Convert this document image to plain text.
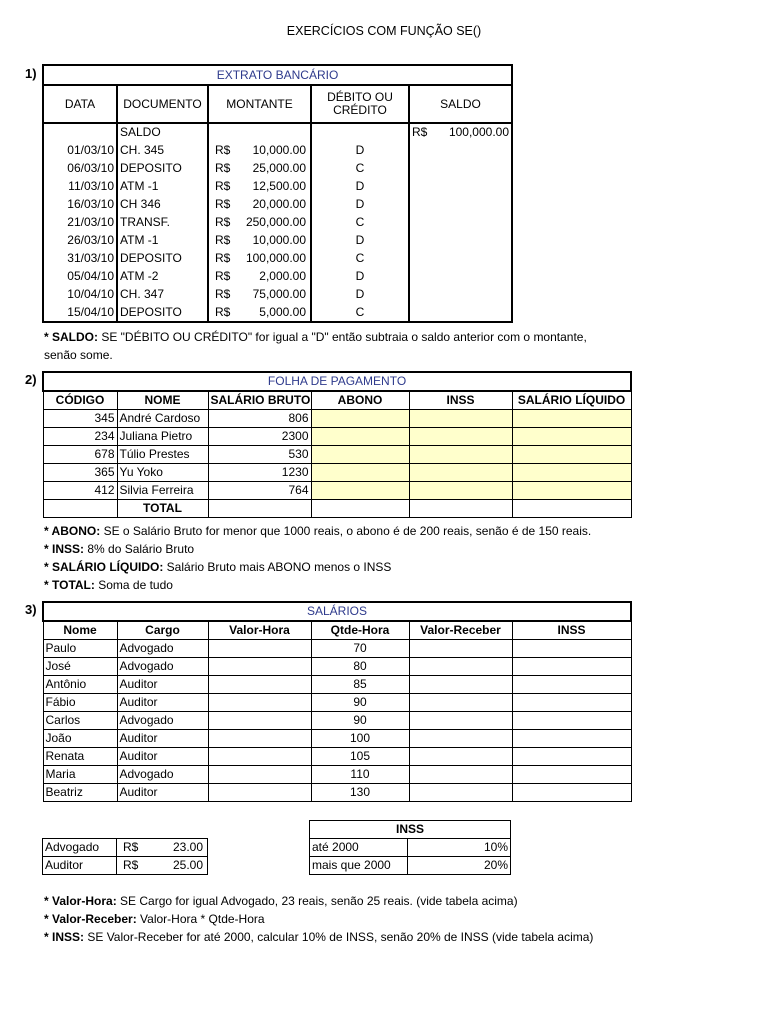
EXERCÍCIOS COM FUNÇÃO SE()
1)	EXTRATO BANCÁRIO				
DATA	DOCUMENTO	MONTANTE	DÉBITO OU CRÉDITO	SALDO
	SALDO			R$ 100,000.00

01/03/10	CH. 345	R$ 10,000.00	D	
06/03/10	DEPOSITO	R$ 25,000.00	C	
11/03/10	ATM -1	R$ 12,500.00	D	
16/03/10	CH 346	R$ 20,000.00	D	
21/03/10	TRANSF.	R$ 250,000.00	C	
26/03/10	ATM -1	R$ 10,000.00	D	
31/03/10	DEPOSITO	R$ 100,000.00	C	
05/04/10	ATM -2	R$ 2,000.00	D	
10/04/10	CH. 347	R$ 75,000.00	D	
15/04/10	DEPOSITO	R$ 5,000.00	C	
* SALDO: SE "DÉBITO OU CRÉDITO" for igual a "D" então subtraia o saldo anterior com o montante,
senão some.
2)	FOLHA DE PAGAMENTO					
CÓDIGO	NOME	SALÁRIO BRUTO	ABONO	INSS	SALÁRIO LÍQUIDO
345	André Cardoso	806			
234	Juliana Pietro	2300			
678	Túlio Prestes	530			
365	Yu Yoko	1230			
412	Silvia Ferreira	764			
	TOTAL				
* ABONO: SE o Salário Bruto for menor que 1000 reais, o abono é de 200 reais, senão é de 150 reais.
* INSS: 8% do Salário Bruto
* SALÁRIO LÍQUIDO: Salário Bruto mais ABONO menos o INSS
* TOTAL: Soma de tudo
3)	SALÁRIOS					
Nome	Cargo	Valor-Hora	Qtde-Hora	Valor-Receber	INSS
Paulo	Advogado		70		
José	Advogado		80		
Antônio	Auditor		85		
Fábio	Auditor		90		
Carlos	Advogado		90		
João	Auditor		100		
Renata	Auditor		105		
Maria	Advogado		110		
Beatriz	Auditor		130		
Advogado	R$ 23.00

Auditor	R$ 25.00
INSS	
até 2000	10%
mais que 2000	20%
* Valor-Hora: SE Cargo for igual Advogado, 23 reais, senão 25 reais. (vide tabela acima)
* Valor-Receber: Valor-Hora * Qtde-Hora
* INSS: SE Valor-Receber for até 2000, calcular 10% de INSS, senão 20% de INSS (vide tabela acima)
